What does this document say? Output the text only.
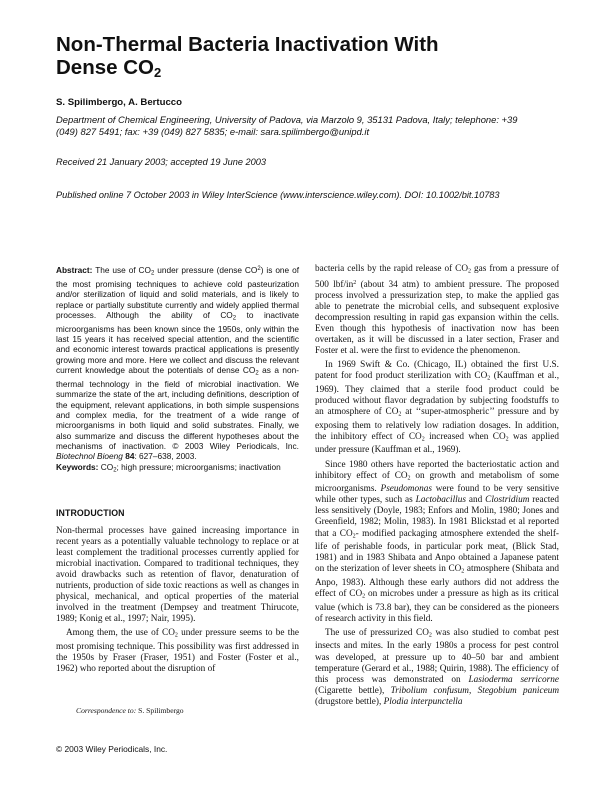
Non-Thermal Bacteria Inactivation With
Dense $CO_2$
S. Spilimbergo, A. Bertucco
Department of Chemical Engineering, University of Padova, via Marzolo 9, 35131 Padova, Italy; telephone: +39 (049) 827 5491; fax: +39 (049) 827 5835; e-mail: sara.spilimbergo@unipd.it
Received 21 January 2003; accepted 19 June 2003
Published online 7 October 2003 in Wiley InterScience (www.interscience.wiley.com). DOI: 10.1002/bit.10783
Abstract: The use of CO2 under pressure (dense $CO^2$) is one of the most promising techniques to achieve cold pasteurization and/or sterilization of liquid and solid materials, and is likely to replace or partially substitute currently and widely applied thermal processes. Although the ability of CO2 to inactivate microorganisms has been known since the 1950s, only within the last 15 years it has received special attention, and the scientific and economic interest towards practical applications is presently growing more and more. Here we collect and discuss the relevant current knowledge about the potentials of dense CO2 as a non-thermal technology in the field of microbial inactivation. We summarize the state of the art, including definitions, description of the equipment, relevant applications, in both simple suspensions and complex media, for the treatment of a wide range of microorganisms in both liquid and solid substrates. Finally, we also summarize and discuss the different hypotheses about the mechanisms of inactivation. © 2003 Wiley Periodicals, Inc. Biotechnol Bioeng 84: 627–638, 2003.
Keywords: CO2; high pressure; microorganisms; inactivation
INTRODUCTION

Non-thermal processes have gained increasing importance in recent years as a potentially valuable technology to replace or at least complement the traditional processes currently applied for microbial inactivation. Compared to traditional techniques, they avoid drawbacks such as retention of flavor, denaturation of nutrients, production of side toxic reactions as well as changes in physical, mechanical, and optical properties of the material involved in the treatment (Dempsey and treatment Thirucote, 1989; Konig et al., 1997; Nair, 1995).

Among them, the use of CO2 under pressure seems to be the most promising technique. This possibility was first addressed in the 1950s by Fraser (Fraser, 1951) and Foster (Foster et al., 1962) who reported about the disruption of

bacteria cells by the rapid release of CO2 gas from a pressure of 500 lbf/$in^2$ (about 34 atm) to ambient pressure. The proposed process involved a pressurization step, to make the applied gas able to penetrate the microbial cells, and subsequent explosive decompression resulting in rapid gas expansion within the cells. Even though this hypothesis of inactivation now has been overtaken, as it will be discussed in a later section, Fraser and Foster et al. were the first to evidence the phenomenon.

In 1969 Swift & Co. (Chicago, IL) obtained the first U.S. patent for food product sterilization with CO2 (Kauffman et al., 1969). They claimed that a sterile food product could be produced without flavor degradation by subjecting foodstuffs to an atmosphere of CO2 at ‘‘super-atmospheric’’ pressure and by exposing them to relatively low radiation dosages. In addition, the inhibitory effect of CO2 increased when CO2 was applied under pressure (Kauffman et al., 1969).

Since 1980 others have reported the bacteriostatic action and inhibitory effect of CO2 on growth and metabolism of some microorganisms. Pseudomonas were found to be very sensitive while other types, such as Lactobacillus and Clostridium reacted less sensitively (Doyle, 1983; Enfors and Molin, 1980; Jones and Greenfield, 1982; Molin, 1983). In 1981 Blickstad et al reported that a CO2- modified packaging atmosphere extended the shelf-life of perishable foods, in particular pork meat, (Blick Stad, 1981) and in 1983 Shibata and Anpo obtained a Japanese patent on the sterization of lever sheets in CO2 atmosphere (Shibata and Anpo, 1983). Although these early authors did not address the effect of CO2 on microbes under a pressure as high as its critical value (which is 73.8 bar), they can be considered as the pioneers of research activity in this field.

The use of pressurized CO2 was also studied to combat pest insects and mites. In the early 1980s a process for pest control was developed, at pressure up to 40–50 bar and ambient temperature (Gerard et al., 1988; Quirin, 1988). The efficiency of this process was demonstrated on Lasioderma serricorne (Cigarette bettle), Tribolium confusum, Stegobium paniceum (drugstore bettle), Plodia interpunctella

Correspondence to: S. Spilimbergo
© 2003 Wiley Periodicals, Inc.
